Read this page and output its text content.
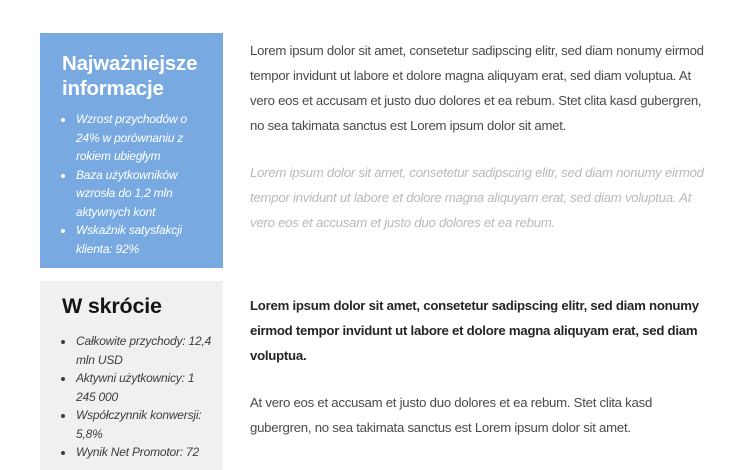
Najważniejsze informacje
• Wzrost przychodów o 24% w porównaniu z rokiem ubiegłym
• Baza użytkowników wzrosła do 1,2 mln aktywnych kont
• Wskaźnik satysfakcji klienta: 92%

Lorem ipsum dolor sit amet, consetetur sadipscing elitr, sed diam nonumy eirmod tempor invidunt ut labore et dolore magna aliquyam erat, sed diam voluptua. At vero eos et accusam et justo duo dolores et ea rebum. Stet clita kasd gubergren, no sea takimata sanctus est Lorem ipsum dolor sit amet.

Lorem ipsum dolor sit amet, consetetur sadipscing elitr, sed diam nonumy eirmod tempor invidunt ut labore et dolore magna aliquyam erat, sed diam voluptua. At vero eos et accusam et justo duo dolores et ea rebum.

W skrócie
• Całkowite przychody: 12,4 mln USD
• Aktywni użytkownicy: 1 245 000
• Współczynnik konwersji: 5,8%
• Wynik Net Promotor: 72

Lorem ipsum dolor sit amet, consetetur sadipscing elitr, sed diam nonumy eirmod tempor invidunt ut labore et dolore magna aliquyam erat, sed diam voluptua.

At vero eos et accusam et justo duo dolores et ea rebum. Stet clita kasd gubergren, no sea takimata sanctus est Lorem ipsum dolor sit amet.
